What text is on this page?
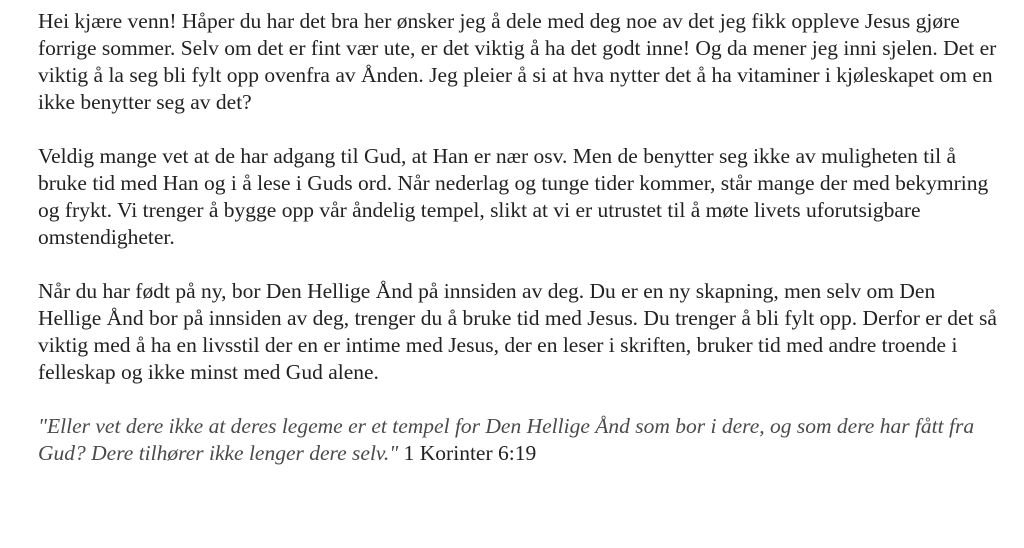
Hei kjære venn! Håper du har det bra her ønsker jeg å dele med deg noe av det jeg fikk oppleve Jesus gjøre forrige sommer. Selv om det er fint vær ute, er det viktig å ha det godt inne! Og da mener jeg inni sjelen. Det er viktig å la seg bli fylt opp ovenfra av Ånden. Jeg pleier å si at hva nytter det å ha vitaminer i kjøleskapet om en ikke benytter seg av det?

Veldig mange vet at de har adgang til Gud, at Han er nær osv. Men de benytter seg ikke av muligheten til å bruke tid med Han og i å lese i Guds ord. Når nederlag og tunge tider kommer, står mange der med bekymring og frykt. Vi trenger å bygge opp vår åndelig tempel, slikt at vi er utrustet til å møte livets uforutsigbare omstendigheter.

Når du har født på ny, bor Den Hellige Ånd på innsiden av deg. Du er en ny skapning, men selv om Den Hellige Ånd bor på innsiden av deg, trenger du å bruke tid med Jesus. Du trenger å bli fylt opp. Derfor er det så viktig med å ha en livsstil der en er intime med Jesus, der en leser i skriften, bruker tid med andre troende i felleskap og ikke minst med Gud alene.

"Eller vet dere ikke at deres legeme er et tempel for Den Hellige Ånd som bor i dere, og som dere har fått fra Gud? Dere tilhører ikke lenger dere selv." 1 Korinter 6:19
